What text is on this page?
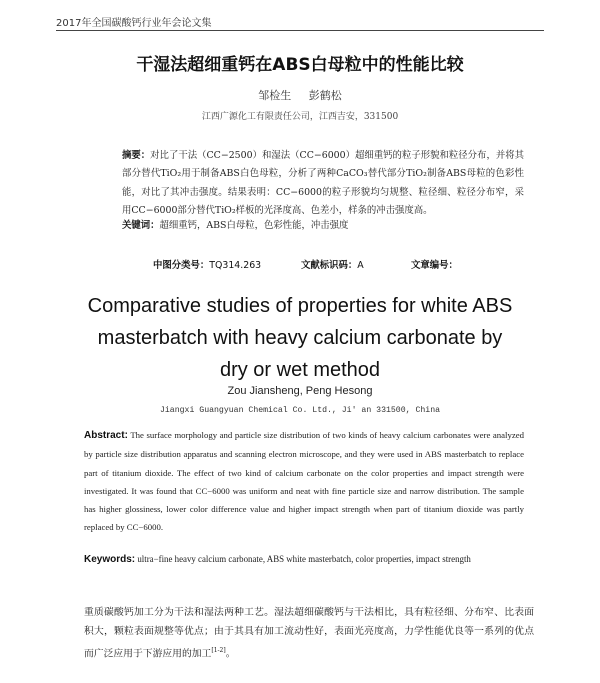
2017年全国碳酸钙行业年会论文集
干湿法超细重钙在ABS白母粒中的性能比较
邹检生 彭鹤松
江西广源化工有限责任公司，江西吉安，331500
摘要：对比了干法（CC−2500）和湿法（CC−6000）超细重钙的粒子形貌和粒径分布，并将其部分替代TiO₂用于制备ABS白色母粒，分析了两种CaCO₃替代部分TiO₂制备ABS母粒的色彩性能，对比了其冲击强度。结果表明：CC−6000的粒子形貌均匀规整、粒径细、粒径分布窄，采用CC−6000部分替代TiO₂样板的光泽度高、色差小，样条的冲击强度高。
关键词：超细重钙，ABS白母粒，色彩性能，冲击强度
中图分类号：TQ314.263	文献标识码：A	文章编号：
Comparative studies of properties for white ABS
masterbatch with heavy calcium carbonate by
dry or wet method
Zou Jiansheng, Peng Hesong
Jiangxi Guangyuan Chemical Co. Ltd., Ji' an 331500, China
Abstract: The surface morphology and particle size distribution of two kinds of heavy calcium carbonates were analyzed by particle size distribution apparatus and scanning electron microscope, and they were used in ABS masterbatch to replace part of titanium dioxide. The effect of two kind of calcium carbonate on the color properties and impact strength were investigated. It was found that CC−6000 was uniform and neat with fine particle size and narrow distribution. The sample has higher glossiness, lower color difference value and higher impact strength when part of titanium dioxide was partly replaced by CC−6000.
Keywords: ultra−fine heavy calcium carbonate, ABS white masterbatch, color properties, impact strength
重质碳酸钙加工分为干法和湿法两种工艺。湿法超细碳酸钙与干法相比，具有粒径细、分布窄、比表面积大，颗粒表面规整等优点；由于其具有加工流动性好，表面光亮度高，力学性能优良等一系列的优点而广泛应用于下游应用的加工[1-2]。
